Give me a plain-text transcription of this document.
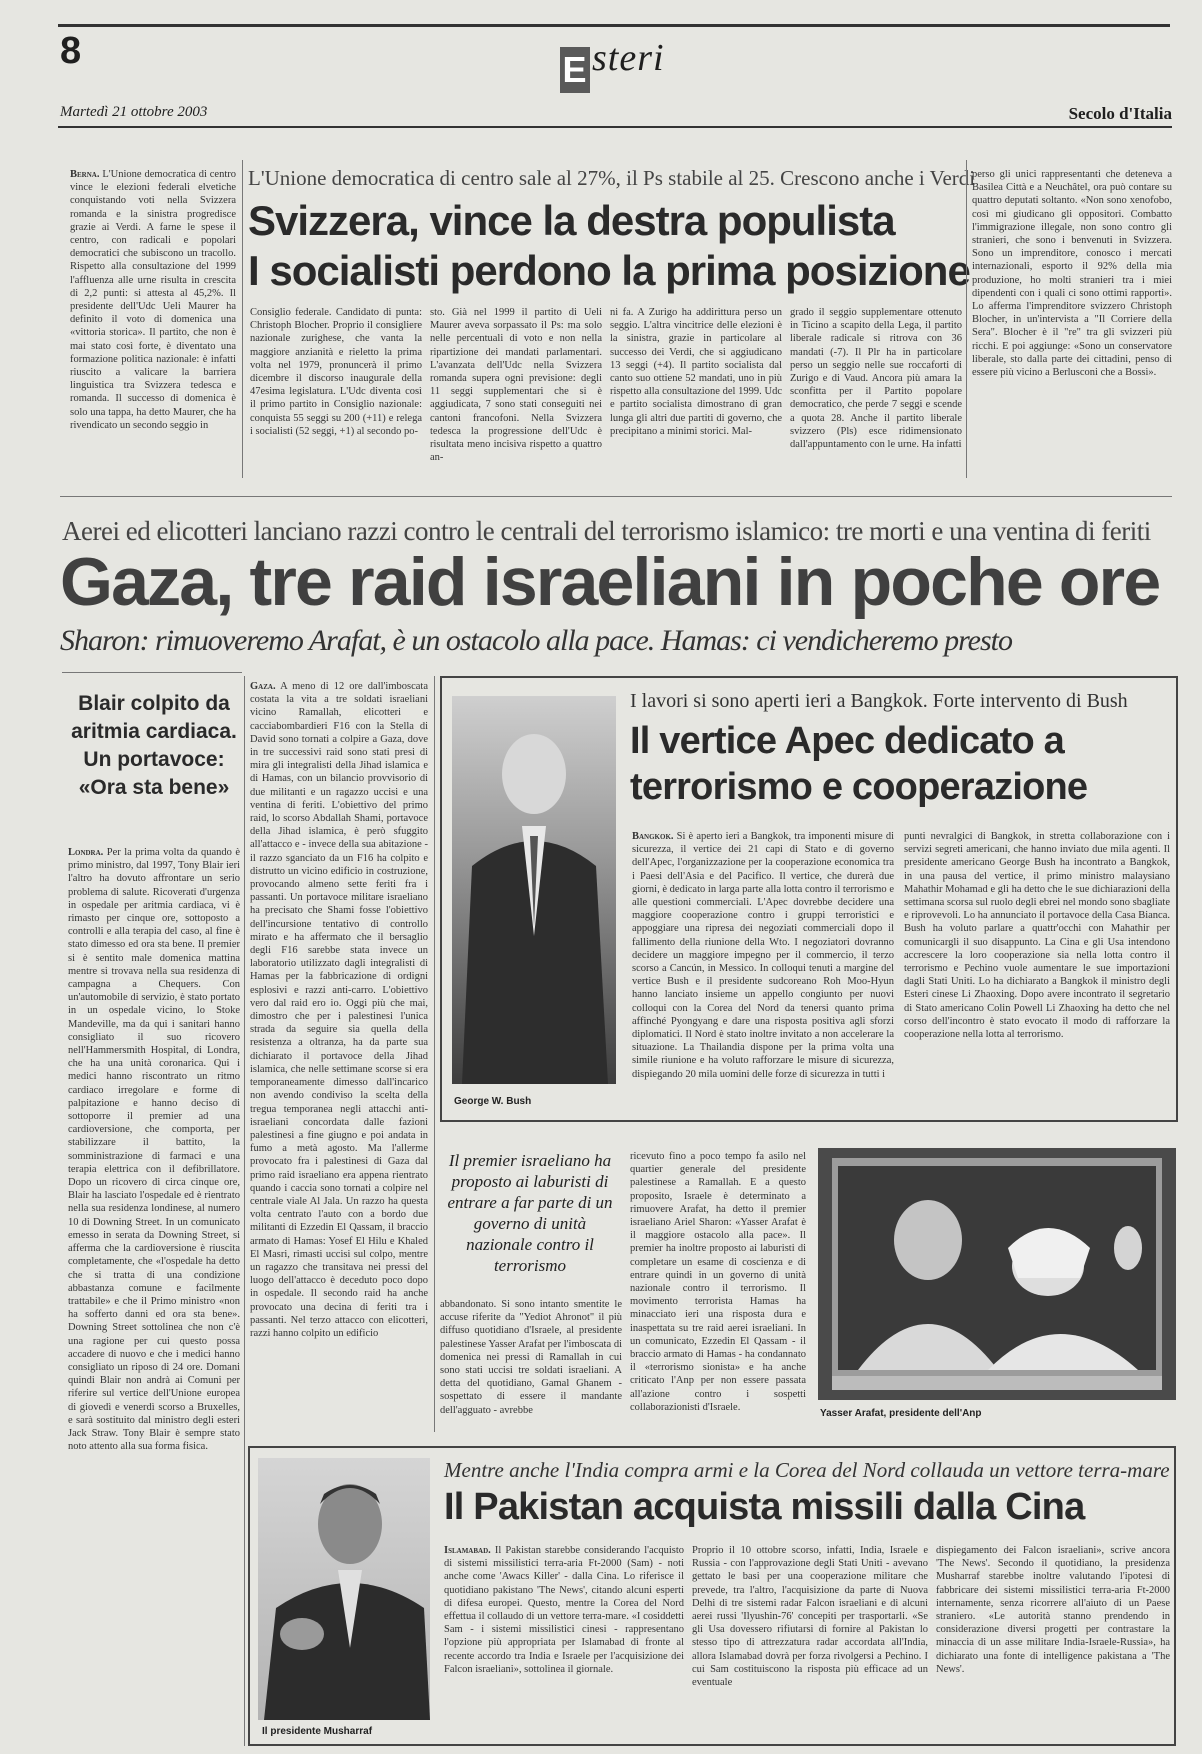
8	E steri
Martedì 21 ottobre 2003	Secolo d'Italia
Berna. L'Unione democratica di centro vince le elezioni federali elvetiche conquistando voti nella Svizzera romanda e la sinistra progredisce grazie ai Verdi. A farne le spese il centro, con radicali e popolari democratici che subiscono un tracollo. Rispetto alla consultazione del 1999 l'affluenza alle urne risulta in crescita di 2,2 punti: si attesta al 45,2%. Il presidente dell'Udc Ueli Maurer ha definito il voto di domenica una «vittoria storica». Il partito, che non è mai stato così forte, è diventato una formazione politica nazionale: è infatti riuscito a valicare la barriera linguistica tra Svizzera tedesca e romanda. Il successo di domenica è solo una tappa, ha detto Maurer, che ha rivendicato un secondo seggio in
L'Unione democratica di centro sale al 27%, il Ps stabile al 25. Crescono anche i Verdi
Svizzera, vince la destra populista
I socialisti perdono la prima posizione
Consiglio federale. Candidato di punta: Christoph Blocher. Proprio il consigliere nazionale zurighese, che vanta la maggiore anzianità e rieletto la prima volta nel 1979, pronuncerà il primo dicembre il discorso inaugurale della 47esima legislatura. L'Udc diventa così il primo partito in Consiglio nazionale: conquista 55 seggi su 200 (+11) e relega i socialisti (52 seggi, +1) al secondo po-
sto. Già nel 1999 il partito di Ueli Maurer aveva sorpassato il Ps: ma solo nelle percentuali di voto e non nella ripartizione dei mandati parlamentari. L'avanzata dell'Udc nella Svizzera romanda supera ogni previsione: degli 11 seggi supplementari che si è aggiudicata, 7 sono stati conseguiti nei cantoni francofoni. Nella Svizzera tedesca la progressione dell'Udc è risultata meno incisiva rispetto a quattro an-
ni fa. A Zurigo ha addirittura perso un seggio. L'altra vincitrice delle elezioni è la sinistra, grazie in particolare al successo dei Verdi, che si aggiudicano 13 seggi (+4). Il partito socialista dal canto suo ottiene 52 mandati, uno in più rispetto alla consultazione del 1999. Udc e partito socialista dimostrano di gran lunga gli altri due partiti di governo, che precipitano a minimi storici. Mal-
grado il seggio supplementare ottenuto in Ticino a scapito della Lega, il partito liberale radicale si ritrova con 36 mandati (-7). Il Plr ha in particolare perso un seggio nelle sue roccaforti di Zurigo e di Vaud. Ancora più amara la sconfitta per il Partito popolare democratico, che perde 7 seggi e scende a quota 28. Anche il partito liberale svizzero (Pls) esce ridimensionato dall'appuntamento con le urne. Ha infatti
perso gli unici rappresentanti che deteneva a Basilea Città e a Neuchâtel, ora può contare su quattro deputati soltanto. «Non sono xenofobo, così mi giudicano gli oppositori. Combatto l'immigrazione illegale, non sono contro gli stranieri, che sono i benvenuti in Svizzera. Sono un imprenditore, conosco i mercati internazionali, esporto il 92% della mia produzione, ho molti stranieri tra i miei dipendenti con i quali ci sono ottimi rapporti». Lo afferma l'imprenditore svizzero Christoph Blocher, in un'intervista a "Il Corriere della Sera". Blocher è il "re" tra gli svizzeri più ricchi. E poi aggiunge: «Sono un conservatore liberale, sto dalla parte dei cittadini, penso di essere più vicino a Berlusconi che a Bossi».
Aerei ed elicotteri lanciano razzi contro le centrali del terrorismo islamico: tre morti e una ventina di feriti
Gaza, tre raid israeliani in poche ore
Sharon: rimuoveremo Arafat, è un ostacolo alla pace. Hamas: ci vendicheremo presto
Blair colpito da aritmia cardiaca. Un portavoce: «Ora sta bene»
Londra. Per la prima volta da quando è primo ministro, dal 1997, Tony Blair ieri l'altro ha dovuto affrontare un serio problema di salute. Ricoverati d'urgenza in ospedale per aritmia cardiaca, vi è rimasto per cinque ore, sottoposto a controlli e alla terapia del caso, al fine è stato dimesso ed ora sta bene. Il premier si è sentito male domenica mattina mentre si trovava nella sua residenza di campagna a Chequers. Con un'automobile di servizio, è stato portato in un ospedale vicino, lo Stoke Mandeville, ma da qui i sanitari hanno consigliato il suo ricovero nell'Hammersmith Hospital, di Londra, che ha una unità coronarica. Qui i medici hanno riscontrato un ritmo cardiaco irregolare e forme di palpitazione e hanno deciso di sottoporre il premier ad una cardioversione, che comporta, per stabilizzare il battito, la somministrazione di farmaci e una terapia elettrica con il defibrillatore. Dopo un ricovero di circa cinque ore, Blair ha lasciato l'ospedale ed è rientrato nella sua residenza londinese, al numero 10 di Downing Street. In un comunicato emesso in serata da Downing Street, si afferma che la cardioversione è riuscita completamente, che «l'ospedale ha detto che si tratta di una condizione abbastanza comune e facilmente trattabile» e che il Primo ministro «non ha sofferto danni ed ora sta bene». Downing Street sottolinea che non c'è una ragione per cui questo possa accadere di nuovo e che i medici hanno consigliato un riposo di 24 ore. Domani quindi Blair non andrà ai Comuni per riferire sul vertice dell'Unione europea di giovedì e venerdì scorso a Bruxelles, e sarà sostituito dal ministro degli esteri Jack Straw. Tony Blair è sempre stato noto attento alla sua forma fisica.
Gaza. A meno di 12 ore dall'imboscata costata la vita a tre soldati israeliani vicino Ramallah, elicotteri e cacciabombardieri F16 con la Stella di David sono tornati a colpire a Gaza, dove in tre successivi raid sono stati presi di mira gli integralisti della Jihad islamica e di Hamas, con un bilancio provvisorio di due militanti e un ragazzo uccisi e una ventina di feriti. L'obiettivo del primo raid, lo scorso Abdallah Shami, portavoce della Jihad islamica, è però sfuggito all'attacco e - invece della sua abitazione - il razzo sganciato da un F16 ha colpito e distrutto un vicino edificio in costruzione, provocando almeno sette feriti fra i passanti. Un portavoce militare israeliano ha precisato che Shami fosse l'obiettivo dell'incursione tentativo di controllo mirato e ha affermato che il bersaglio degli F16 sarebbe stata invece un laboratorio utilizzato dagli integralisti di Hamas per la fabbricazione di ordigni esplosivi e razzi anti-carro. L'obiettivo vero dal raid ero io. Oggi più che mai, dimostro che per i palestinesi l'unica strada da seguire sia quella della resistenza a oltranza, ha da parte sua dichiarato il portavoce della Jihad islamica, che nelle settimane scorse si era temporaneamente dimesso dall'incarico non avendo condiviso la scelta della tregua temporanea negli attacchi anti-israeliani concordata dalle fazioni palestinesi a fine giugno e poi andata in fumo a metà agosto. Ma l'allerme provocato fra i palestinesi di Gaza dal primo raid israeliano era appena rientrato quando i caccia sono tornati a colpire nel centrale viale Al Jala. Un razzo ha questa volta centrato l'auto con a bordo due militanti di Ezzedin El Qassam, il braccio armato di Hamas: Yosef El Hilu e Khaled El Masri, rimasti uccisi sul colpo, mentre un ragazzo che transitava nei pressi del luogo dell'attacco è deceduto poco dopo in ospedale. Il secondo raid ha anche provocato una decina di feriti tra i passanti. Nel terzo attacco con elicotteri, razzi hanno colpito un edificio
George W. Bush
I lavori si sono aperti ieri a Bangkok. Forte intervento di Bush
Il vertice Apec dedicato a terrorismo e cooperazione
Bangkok. Si è aperto ieri a Bangkok, tra imponenti misure di sicurezza, il vertice dei 21 capi di Stato e di governo dell'Apec, l'organizzazione per la cooperazione economica tra i Paesi dell'Asia e del Pacifico. Il vertice, che durerà due giorni, è dedicato in larga parte alla lotta contro il terrorismo e alle questioni commerciali. L'Apec dovrebbe decidere una maggiore cooperazione contro i gruppi terroristici e appoggiare una ripresa dei negoziati commerciali dopo il fallimento della riunione della Wto. I negoziatori dovranno decidere un maggiore impegno per il commercio, il terzo scorso a Cancún, in Messico. In colloqui tenuti a margine del vertice Bush e il presidente sudcoreano Roh Moo-Hyun hanno lanciato insieme un appello congiunto per nuovi colloqui con la Corea del Nord da tenersi quanto prima affinché Pyongyang e dare una risposta positiva agli sforzi diplomatici. Il Nord è stato inoltre invitato a non accelerare la situazione. La Thailandia dispone per la prima volta una simile riunione e ha voluto rafforzare le misure di sicurezza, dispiegando 20 mila uomini delle forze di sicurezza in tutti i
punti nevralgici di Bangkok, in stretta collaborazione con i servizi segreti americani, che hanno inviato due mila agenti. Il presidente americano George Bush ha incontrato a Bangkok, in una pausa del vertice, il primo ministro malaysiano Mahathir Mohamad e gli ha detto che le sue dichiarazioni della settimana scorsa sul ruolo degli ebrei nel mondo sono sbagliate e riprovevoli. Lo ha annunciato il portavoce della Casa Bianca. Bush ha voluto parlare a quattr'occhi con Mahathir per comunicargli il suo disappunto. La Cina e gli Usa intendono accrescere la loro cooperazione sia nella lotta contro il terrorismo e Pechino vuole aumentare le sue importazioni dagli Stati Uniti. Lo ha dichiarato a Bangkok il ministro degli Esteri cinese Li Zhaoxing. Dopo avere incontrato il segretario di Stato americano Colin Powell Li Zhaoxing ha detto che nel corso dell'incontro è stato evocato il modo di rafforzare la cooperazione nella lotta al terrorismo.
Il premier israeliano ha proposto ai laburisti di entrare a far parte di un governo di unità nazionale contro il terrorismo
abbandonato. Si sono intanto smentite le accuse riferite da "Yediot Ahronot" il più diffuso quotidiano d'Israele, al presidente palestinese Yasser Arafat per l'imboscata di domenica nei pressi di Ramallah in cui sono stati uccisi tre soldati israeliani. A detta del quotidiano, Gamal Ghanem - sospettato di essere il mandante dell'agguato - avrebbe
ricevuto fino a poco tempo fa asilo nel quartier generale del presidente palestinese a Ramallah. E a questo proposito, Israele è determinato a rimuovere Arafat, ha detto il premier israeliano Ariel Sharon: «Yasser Arafat è il maggiore ostacolo alla pace». Il premier ha inoltre proposto ai laburisti di completare un esame di coscienza e di entrare quindi in un governo di unità nazionale contro il terrorismo. Il movimento terrorista Hamas ha minacciato ieri una risposta dura e inaspettata su tre raid aerei israeliani. In un comunicato, Ezzedin El Qassam - il braccio armato di Hamas - ha condannato il «terrorismo sionista» e ha anche criticato l'Anp per non essere passata all'azione contro i sospetti collaborazionisti d'Israele.
Yasser Arafat, presidente dell'Anp
Il presidente Musharraf
Mentre anche l'India compra armi e la Corea del Nord collauda un vettore terra-mare
Il Pakistan acquista missili dalla Cina
Islamabad. Il Pakistan starebbe considerando l'acquisto di sistemi missilistici terra-aria Ft-2000 (Sam) - noti anche come 'Awacs Killer' - dalla Cina. Lo riferisce il quotidiano pakistano 'The News', citando alcuni esperti di difesa europei. Questo, mentre la Corea del Nord effettua il collaudo di un vettore terra-mare. «I cosiddetti Sam - i sistemi missilistici cinesi - rappresentano l'opzione più appropriata per Islamabad di fronte al recente accordo tra India e Israele per l'acquisizione dei Falcon israeliani», sottolinea il giornale.
Proprio il 10 ottobre scorso, infatti, India, Israele e Russia - con l'approvazione degli Stati Uniti - avevano gettato le basi per una cooperazione militare che prevede, tra l'altro, l'acquisizione da parte di Nuova Delhi di tre sistemi radar Falcon israeliani e di alcuni aerei russi 'Ilyushin-76' concepiti per trasportarli. «Se gli Usa dovessero rifiutarsi di fornire al Pakistan lo stesso tipo di attrezzatura radar accordata all'India, allora Islamabad dovrà per forza rivolgersi a Pechino. I cui Sam costituiscono la risposta più efficace ad un eventuale
dispiegamento dei Falcon israeliani», scrive ancora 'The News'. Secondo il quotidiano, la presidenza Musharraf starebbe inoltre valutando l'ipotesi di fabbricare dei sistemi missilistici terra-aria Ft-2000 internamente, senza ricorrere all'aiuto di un Paese straniero. «Le autorità stanno prendendo in considerazione diversi progetti per contrastare la minaccia di un asse militare India-Israele-Russia», ha dichiarato una fonte di intelligence pakistana a 'The News'.
